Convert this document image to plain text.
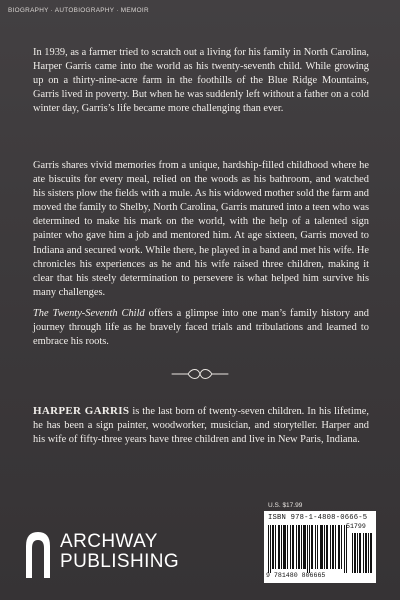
BIOGRAPHY · AUTOBIOGRAPHY · MEMOIR

In 1939, as a farmer tried to scratch out a living for his family in North Carolina, Harper Garris came into the world as his twenty-seventh child. While growing up on a thirty-nine-acre farm in the foothills of the Blue Ridge Mountains, Garris lived in poverty. But when he was suddenly left without a father on a cold winter day, Garris’s life became more challenging than ever.

Garris shares vivid memories from a unique, hardship-filled childhood where he ate biscuits for every meal, relied on the woods as his bathroom, and watched his sisters plow the fields with a mule. As his widowed mother sold the farm and moved the family to Shelby, North Carolina, Garris matured into a teen who was determined to make his mark on the world, with the help of a talented sign painter who gave him a job and mentored him. At age sixteen, Garris moved to Indiana and secured work. While there, he played in a band and met his wife. He chronicles his experiences as he and his wife raised three children, making it clear that his steely determination to persevere is what helped him survive his many challenges.

The Twenty-Seventh Child offers a glimpse into one man’s family history and journey through life as he bravely faced trials and tribulations and learned to embrace his roots.

HARPER GARRIS is the last born of twenty-seven children. In his lifetime, he has been a sign painter, woodworker, musician, and storyteller. Harper and his wife of fifty-three years have three children and live in New Paris, Indiana.

U.S. $17.99
ISBN 978-1-4808-0666-5
51799
9 781480 806665
ARCHWAY
PUBLISHING
